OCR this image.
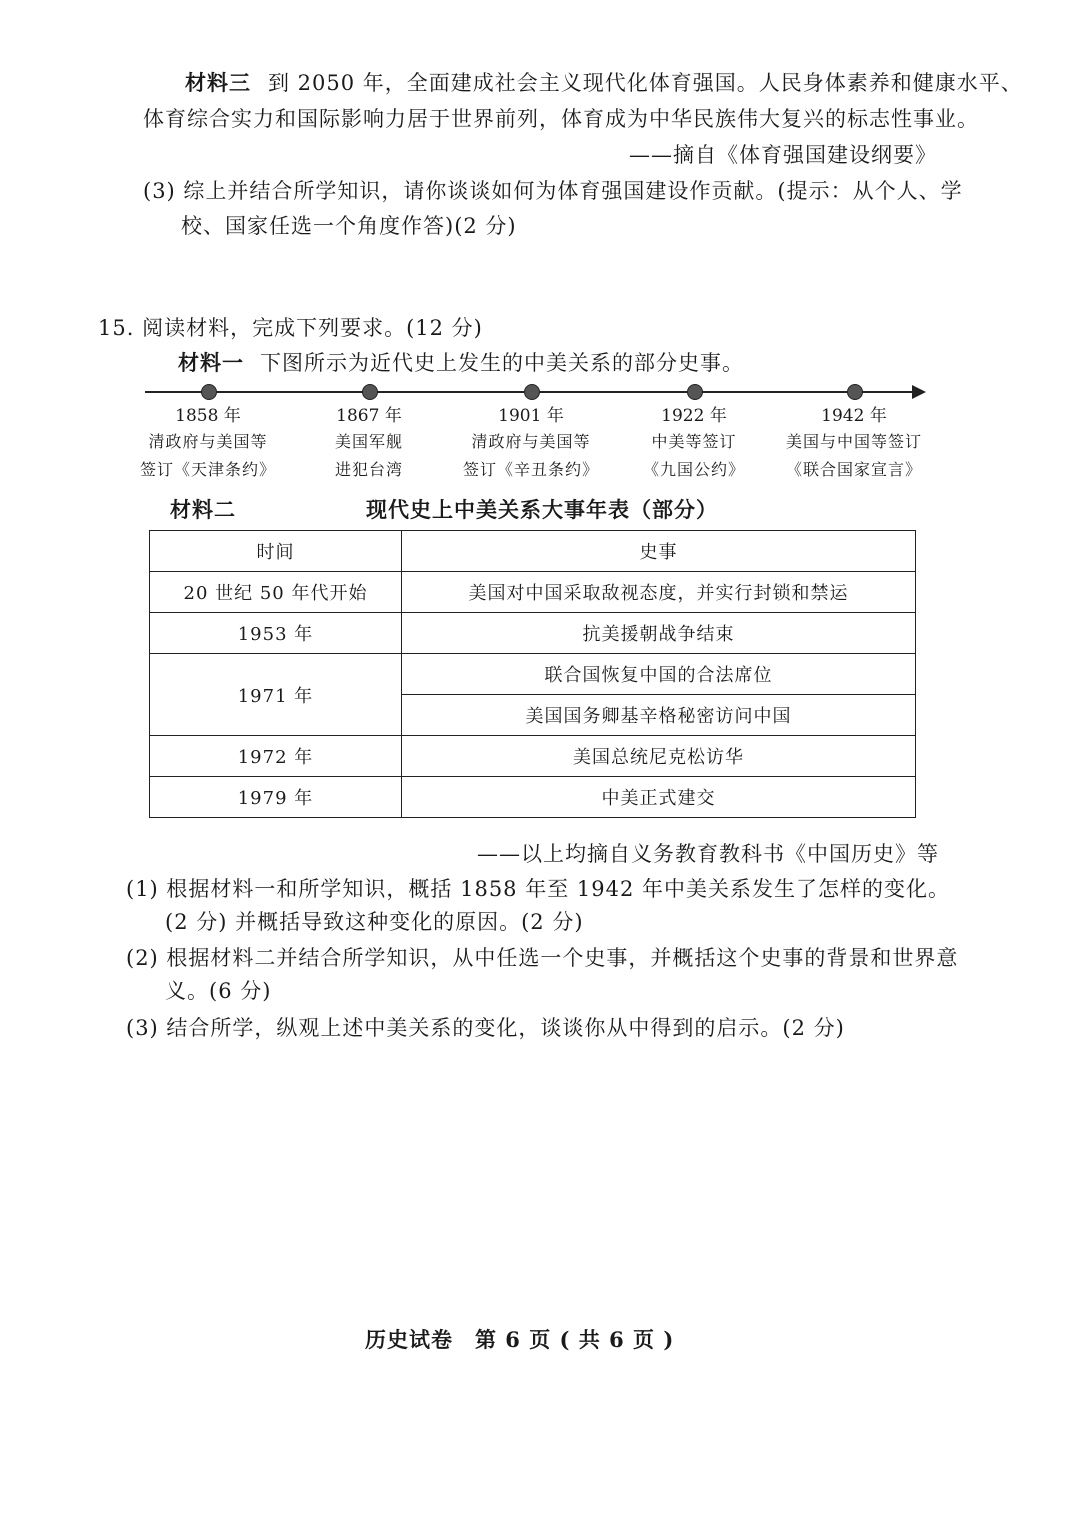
材料三 到 2050 年，全面建成社会主义现代化体育强国。人民身体素养和健康水平、
体育综合实力和国际影响力居于世界前列，体育成为中华民族伟大复兴的标志性事业。
——摘自《体育强国建设纲要》
(3) 综上并结合所学知识，请你谈谈如何为体育强国建设作贡献。(提示：从个人、学
校、国家任选一个角度作答)(2 分)
15. 阅读材料，完成下列要求。(12 分)
材料一 下图所示为近代史上发生的中美关系的部分史事。
1858 年
清政府与美国等
签订《天津条约》
1867 年
美国军舰
进犯台湾
1901 年
清政府与美国等
签订《辛丑条约》
1922 年
中美等签订
《九国公约》
1942 年
美国与中国等签订
《联合国家宣言》
材料二	现代史上中美关系大事年表（部分）
时间	史事
20 世纪 50 年代开始	美国对中国采取敌视态度，并实行封锁和禁运
1953 年	抗美援朝战争结束
1971 年	联合国恢复中国的合法席位
	美国国务卿基辛格秘密访问中国
1972 年	美国总统尼克松访华
1979 年	中美正式建交
——以上均摘自义务教育教科书《中国历史》等
(1) 根据材料一和所学知识，概括 1858 年至 1942 年中美关系发生了怎样的变化。
(2 分) 并概括导致这种变化的原因。(2 分)
(2) 根据材料二并结合所学知识，从中任选一个史事，并概括这个史事的背景和世界意
义。(6 分)
(3) 结合所学，纵观上述中美关系的变化，谈谈你从中得到的启示。(2 分)
历史试卷　第 6 页 ( 共 6 页 )
